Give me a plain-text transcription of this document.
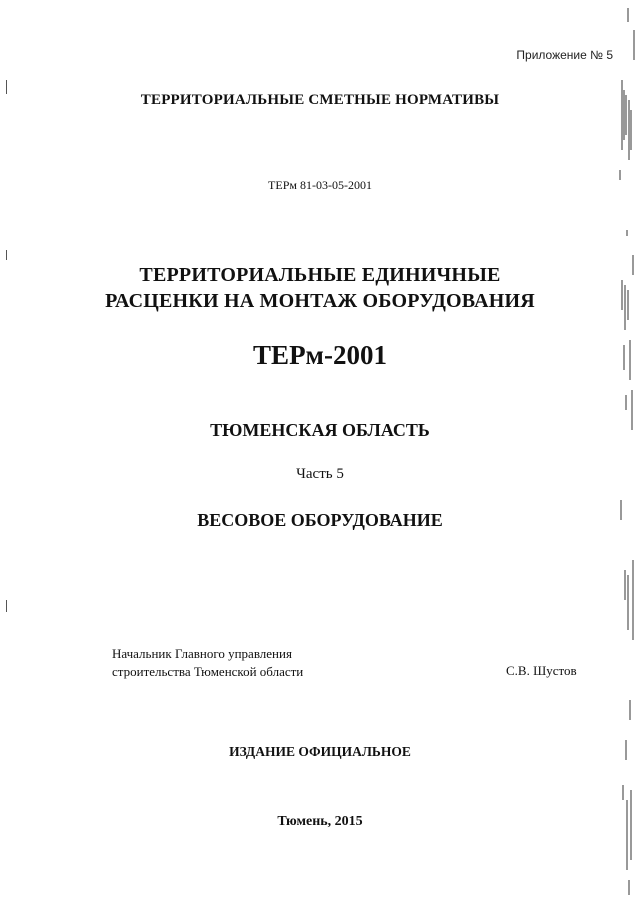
Приложение № 5
ТЕРРИТОРИАЛЬНЫЕ СМЕТНЫЕ НОРМАТИВЫ
ТЕРм 81-03-05-2001
ТЕРРИТОРИАЛЬНЫЕ ЕДИНИЧНЫЕ
РАСЦЕНКИ НА МОНТАЖ ОБОРУДОВАНИЯ
ТЕРм-2001
ТЮМЕНСКАЯ ОБЛАСТЬ
Часть 5
ВЕСОВОЕ ОБОРУДОВАНИЕ
Начальник Главного управления
строительства Тюменской области	С.В. Шустов
ИЗДАНИЕ ОФИЦИАЛЬНОЕ
Тюмень, 2015
